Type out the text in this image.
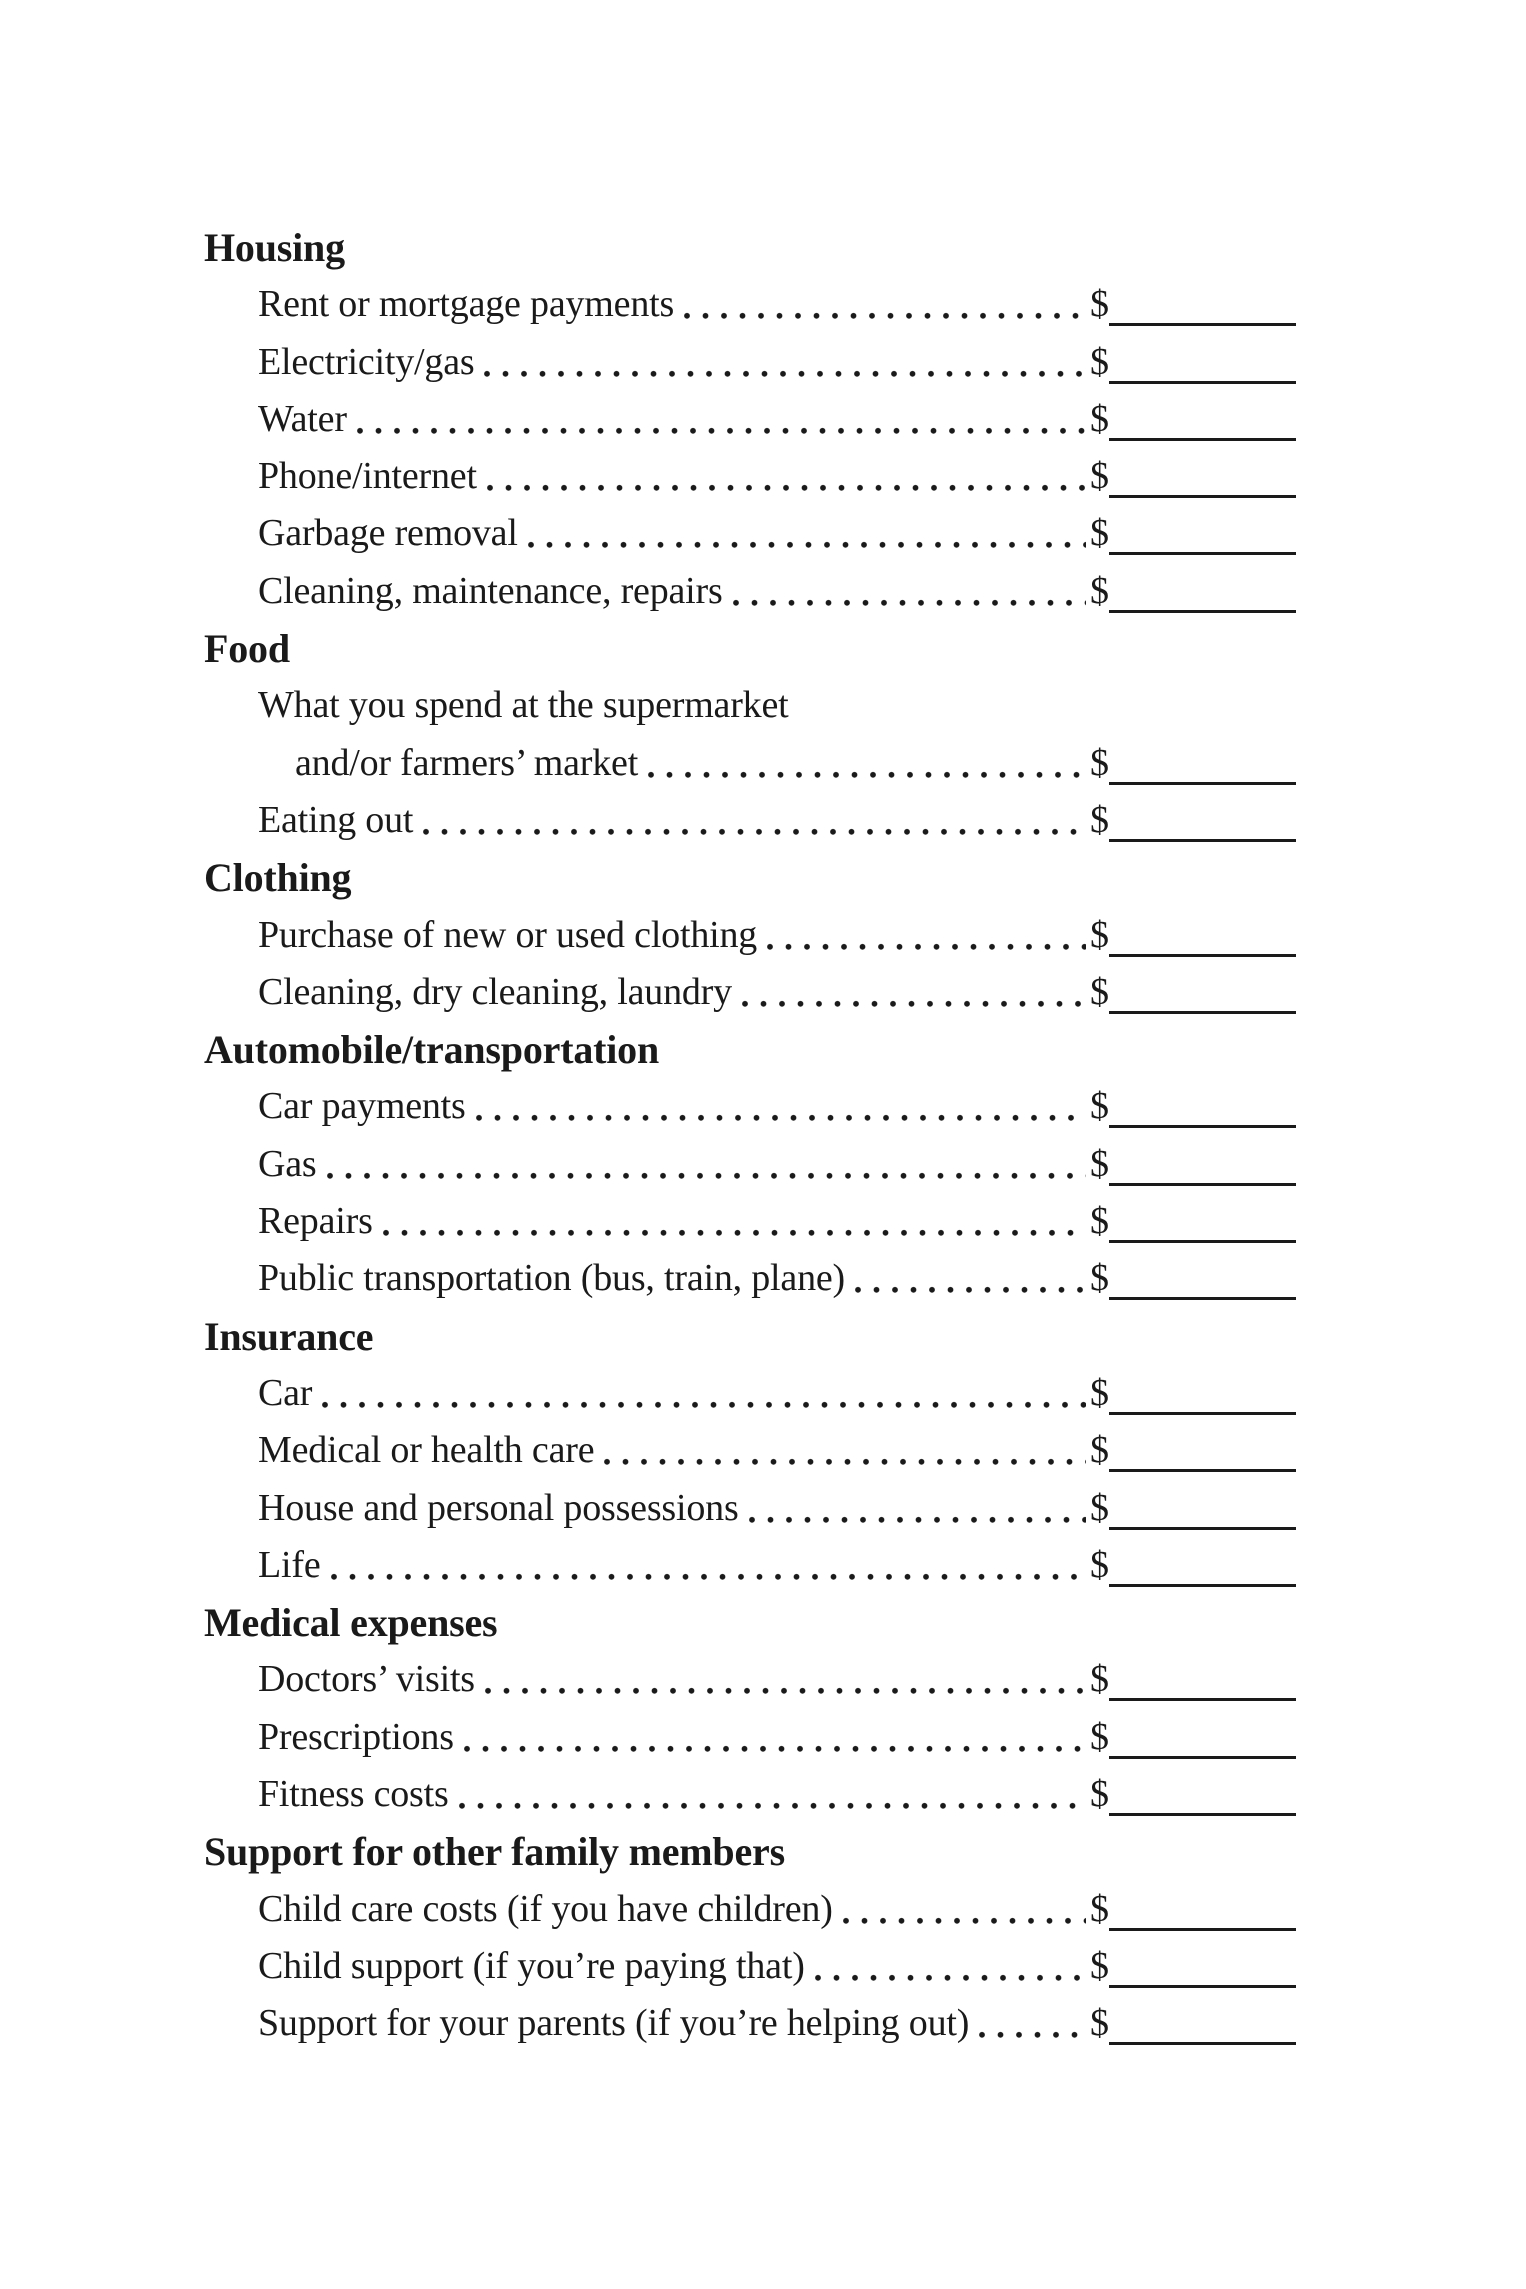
Housing
Rent or mortgage payments	$
Electricity/gas	$
Water	$
Phone/internet	$
Garbage removal	$
Cleaning, maintenance, repairs	$
Food
What you spend at the supermarket
and/or farmers’ market	$
Eating out	$
Clothing
Purchase of new or used clothing	$
Cleaning, dry cleaning, laundry	$
Automobile/transportation
Car payments	$
Gas	$
Repairs	$
Public transportation (bus, train, plane)	$
Insurance
Car	$
Medical or health care	$
House and personal possessions	$
Life	$
Medical expenses
Doctors’ visits	$
Prescriptions	$
Fitness costs	$
Support for other family members
Child care costs (if you have children)	$
Child support (if you’re paying that)	$
Support for your parents (if you’re helping out)	$
